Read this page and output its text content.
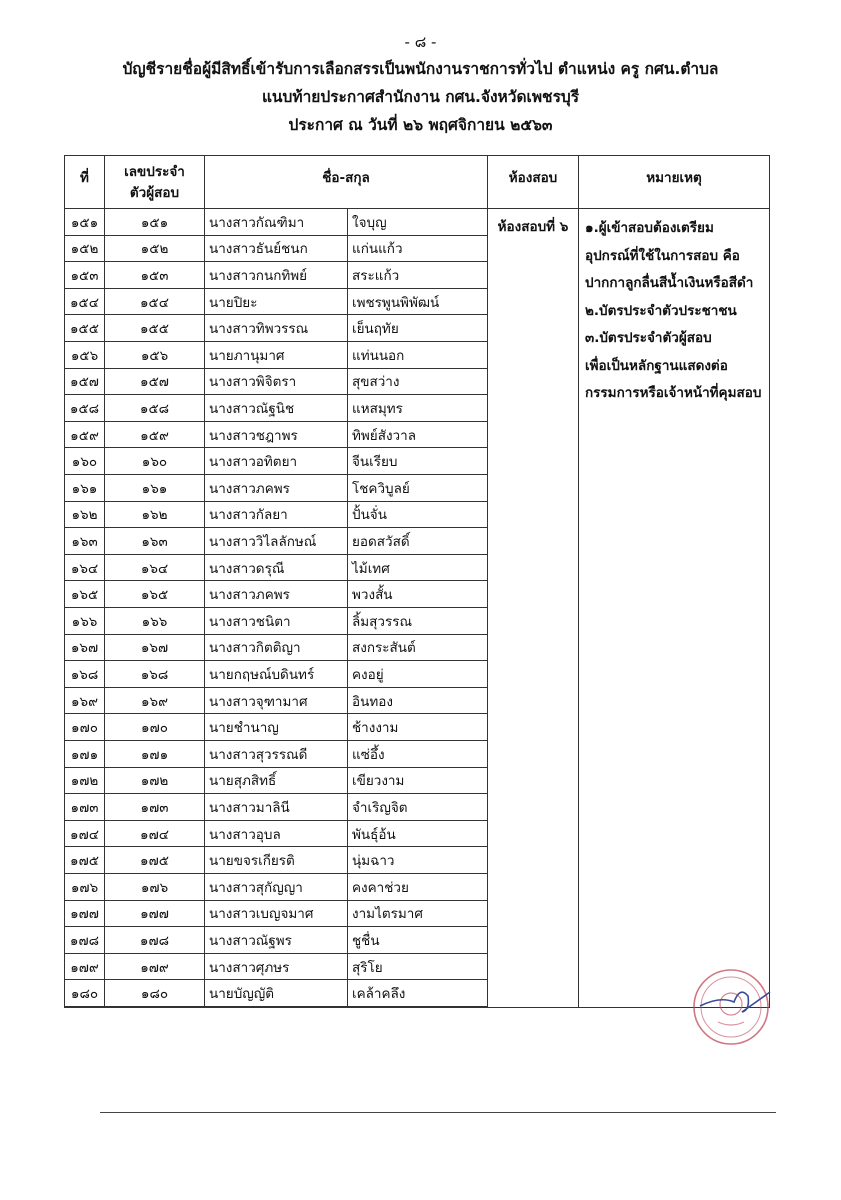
- ๘ -
บัญชีรายชื่อผู้มีสิทธิ์เข้ารับการเลือกสรรเป็นพนักงานราชการทั่วไป ตำแหน่ง ครู กศน.ตำบล
แนบท้ายประกาศสำนักงาน กศน.จังหวัดเพชรบุรี
ประกาศ ณ วันที่ ๒๖ พฤศจิกายน ๒๕๖๓
ที่	เลขประจำ
ตัวผู้สอบ
ชื่อ-สกุล	ห้องสอบ	หมายเหตุ
๑๕๑	๑๕๑	นางสาวกัณฑิมา	ใจบุญ
๑๕๒	๑๕๒	นางสาวธันย์ชนก	แก่นแก้ว
๑๕๓	๑๕๓	นางสาวกนกทิพย์	สระแก้ว
๑๕๔	๑๕๔	นายปิยะ	เพชรพูนพิพัฒน์
๑๕๕	๑๕๕	นางสาวทิพวรรณ	เย็นฤทัย
๑๕๖	๑๕๖	นายภานุมาศ	แท่นนอก
๑๕๗	๑๕๗	นางสาวพิจิตรา	สุขสว่าง
๑๕๘	๑๕๘	นางสาวณัฐนิช	แหสมุทร
๑๕๙	๑๕๙	นางสาวชฎาพร	ทิพย์สังวาล
๑๖๐	๑๖๐	นางสาวอทิตยา	จีนเรียบ
๑๖๑	๑๖๑	นางสาวภคพร	โชควิบูลย์
๑๖๒	๑๖๒	นางสาวกัลยา	ปั้นจั่น
๑๖๓	๑๖๓	นางสาววิไลลักษณ์	ยอดสวัสดิ์
๑๖๔	๑๖๔	นางสาวดรุณี	ไม้เทศ
๑๖๕	๑๖๕	นางสาวภคพร	พวงสั้น
๑๖๖	๑๖๖	นางสาวชนิตา	ลิ้มสุวรรณ
๑๖๗	๑๖๗	นางสาวกิตติญา	สงกระสันต์
๑๖๘	๑๖๘	นายกฤษณ์บดินทร์	คงอยู่
๑๖๙	๑๖๙	นางสาวจุฑามาศ	อินทอง
๑๗๐	๑๗๐	นายชำนาญ	ช้างงาม
๑๗๑	๑๗๑	นางสาวสุวรรณดี	แซ่อึ้ง
๑๗๒	๑๗๒	นายสุภสิทธิ์	เขียวงาม
๑๗๓	๑๗๓	นางสาวมาลินี	จำเริญจิต
๑๗๔	๑๗๔	นางสาวอุบล	พันธุ์อ้น
๑๗๕	๑๗๕	นายขจรเกียรติ	นุ่มฉาว
๑๗๖	๑๗๖	นางสาวสุกัญญา	คงคาช่วย
๑๗๗	๑๗๗	นางสาวเบญจมาศ	งามไตรมาศ
๑๗๘	๑๗๘	นางสาวณัฐพร	ชูชื่น
๑๗๙	๑๗๙	นางสาวศุภษร	สุริโย
๑๘๐	๑๘๐	นายบัญญัติ	เคล้าคลึง
ห้องสอบที่ ๖	๑.ผู้เข้าสอบต้องเตรียม
อุปกรณ์ที่ใช้ในการสอบ คือ
ปากกาลูกลื่นสีน้ำเงินหรือสีดำ
๒.บัตรประจำตัวประชาชน
๓.บัตรประจำตัวผู้สอบ
เพื่อเป็นหลักฐานแสดงต่อ
กรรมการหรือเจ้าหน้าที่คุมสอบ
